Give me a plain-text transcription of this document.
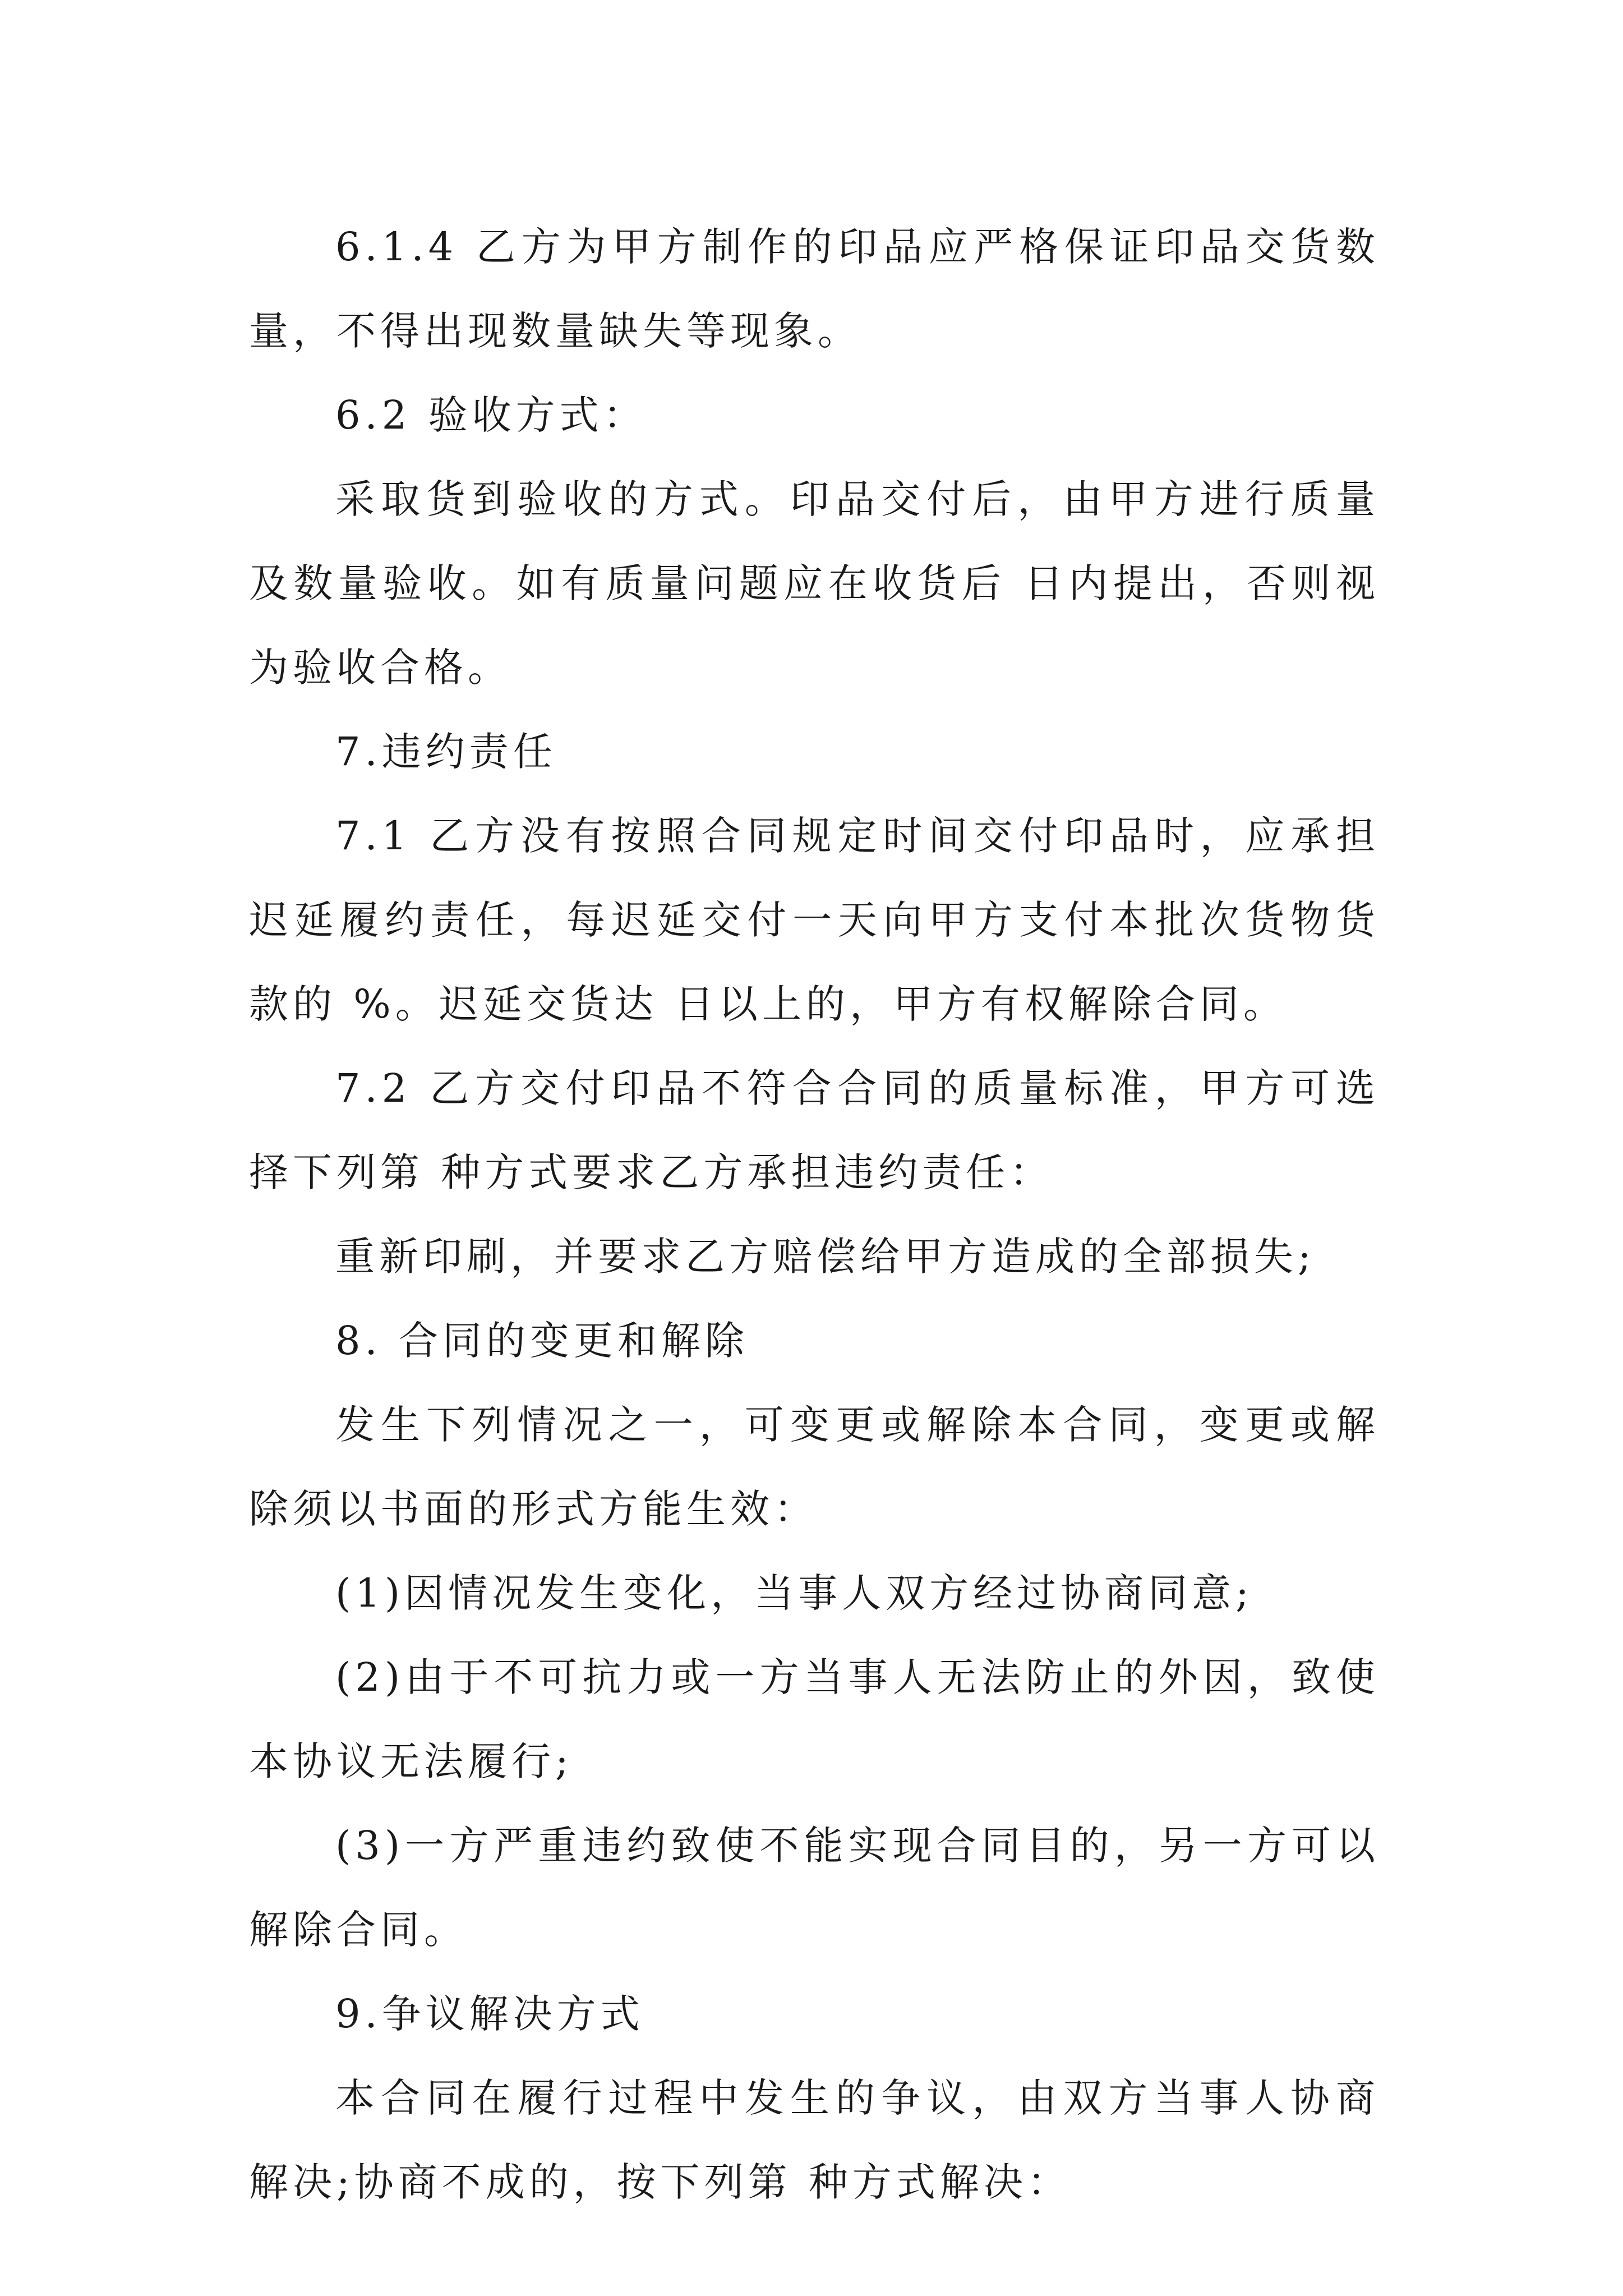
6.1.4 乙方为甲方制作的印品应严格保证印品交货数量，不得出现数量缺失等现象。

6.2 验收方式：

采取货到验收的方式。印品交付后，由甲方进行质量及数量验收。如有质量问题应在收货后 日内提出，否则视为验收合格。

7.违约责任

7.1 乙方没有按照合同规定时间交付印品时，应承担迟延履约责任，每迟延交付一天向甲方支付本批次货物货款的 %。迟延交货达 日以上的，甲方有权解除合同。

7.2 乙方交付印品不符合合同的质量标准，甲方可选择下列第 种方式要求乙方承担违约责任：

重新印刷，并要求乙方赔偿给甲方造成的全部损失;

8. 合同的变更和解除

发生下列情况之一，可变更或解除本合同，变更或解除须以书面的形式方能生效：

(1)因情况发生变化，当事人双方经过协商同意;

(2)由于不可抗力或一方当事人无法防止的外因，致使本协议无法履行;

(3)一方严重违约致使不能实现合同目的，另一方可以解除合同。

9.争议解决方式

本合同在履行过程中发生的争议，由双方当事人协商解决;协商不成的，按下列第 种方式解决：
